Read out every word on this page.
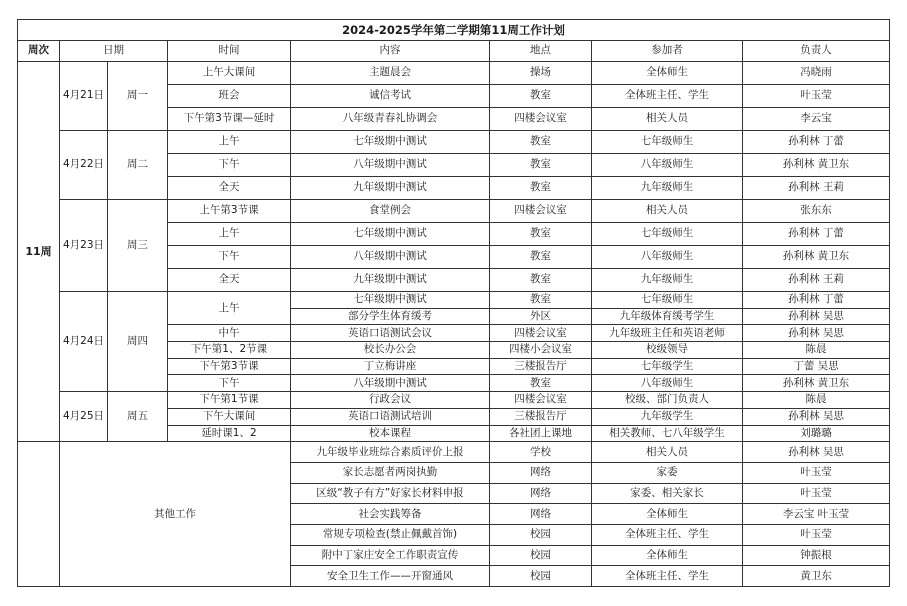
2024-2025学年第二学期第11周工作计划							
周次	日期		时间	内容	地点	参加者	负责人
11周	4月21日	周一	上午大课间	主题晨会	操场	全体师生	冯晓雨
			班会	诚信考试	教室	全体班主任、学生	叶玉莹
			下午第3节课—延时	八年级青春礼协调会	四楼会议室	相关人员	李云宝
	4月22日	周二	上午	七年级期中测试	教室	七年级师生	孙利林 丁蕾
			下午	八年级期中测试	教室	八年级师生	孙利林 黄卫东
			全天	九年级期中测试	教室	九年级师生	孙利林 王莉
	4月23日	周三	上午第3节课	食堂例会	四楼会议室	相关人员	张东东
			上午	七年级期中测试	教室	七年级师生	孙利林 丁蕾
			下午	八年级期中测试	教室	八年级师生	孙利林 黄卫东
			全天	九年级期中测试	教室	九年级师生	孙利林 王莉
	4月24日	周四	上午	七年级期中测试	教室	七年级师生	孙利林 丁蕾
				部分学生体育缓考	外区	九年级体育缓考学生	孙利林 吴思
			中午	英语口语测试会议	四楼会议室	九年级班主任和英语老师	孙利林 吴思
			下午第1、2节课	校长办公会	四楼小会议室	校级领导	陈晨
			下午第3节课	丁立梅讲座	三楼报告厅	七年级学生	丁蕾 吴思
			下午	八年级期中测试	教室	八年级师生	孙利林 黄卫东
	4月25日	周五	下午第1节课	行政会议	四楼会议室	校级、部门负责人	陈晨
			下午大课间	英语口语测试培训	三楼报告厅	九年级学生	孙利林 吴思
			延时课1、2	校本课程	各社团上课地	相关教师、七八年级学生	刘璐璐
	其他工作			九年级毕业班综合素质评价上报	学校	相关人员	孙利林 吴思
				家长志愿者两岗执勤	网络	家委	叶玉莹
				区级“教子有方”好家长材料申报	网络	家委、相关家长	叶玉莹
				社会实践筹备	网络	全体师生	李云宝 叶玉莹
				常规专项检查(禁止佩戴首饰)	校园	全体班主任、学生	叶玉莹
				附中丁家庄安全工作职责宣传	校园	全体师生	钟振根
				安全卫生工作——开窗通风	校园	全体班主任、学生	黄卫东
